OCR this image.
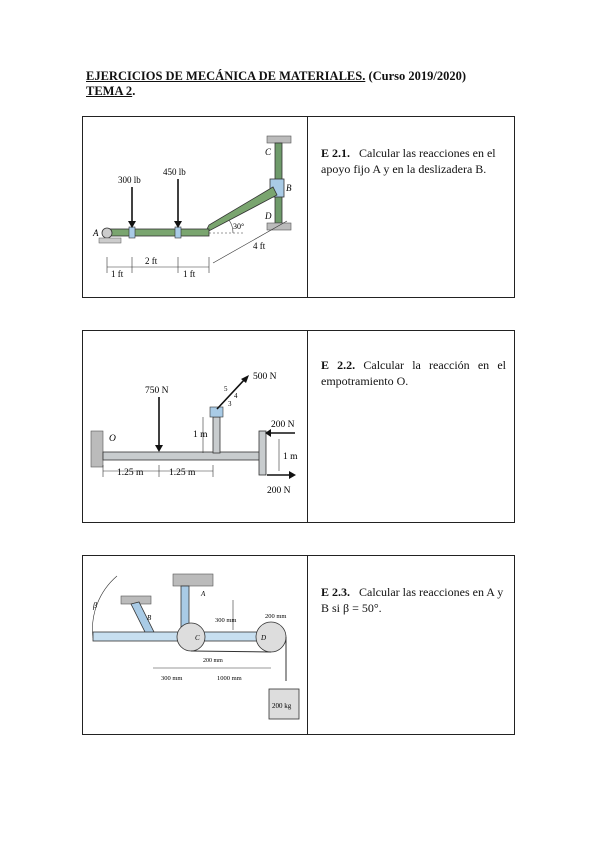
EJERCICIOS DE MECÁNICA DE MATERIALES. (Curso 2019/2020)
TEMA 2.
300 lb
450 lb
A
B
C
D
30°
4 ft
1 ft
2 ft
1 ft
E 2.1. Calcular las reacciones en el apoyo fijo A y en la deslizadera B.
500 N
5
4
3
750 N
O	1 m
200 N
1 m
200 N
1.25 m	1.25 m
E 2.2. Calcular la reacción en el empotramiento O.
β
B
A
C	D
300 mm
200 mm
200 mm
300 mm	1000 mm
200 kg
E 2.3. Calcular las reacciones en A y B si β = 50°.
